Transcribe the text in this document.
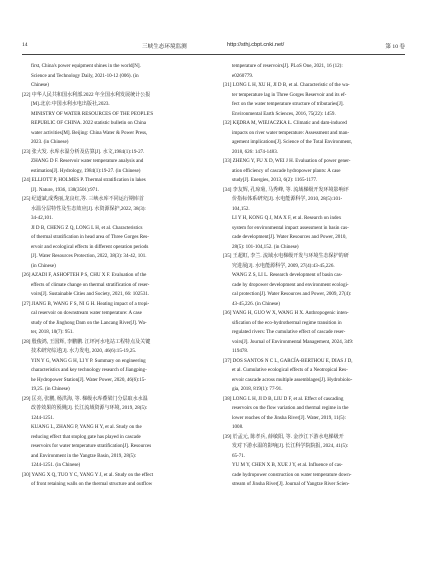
14	三峡生态环境监测	http://sthj.cbpt.cnki.net/	第 10 卷
first, China's power equipment shines in the world[N].
Science and Technology Daily, 2021-10-12 (006). (in
Chinese)
[22] 中华人民共和国水利部.2022 年全国水利发展统计公报
[M].北京:中国水利水电出版社,2023.
MINISTRY OF WATER RESOURCES OF THE PEOPLE'S
REPUBLIC OF CHINA. 2022 statistic bulletin on China
water activities[M]. Beijing: China Water & Power Press,
2023. (in Chinese)
[23] 张大发. 水库水温分析及估算[J]. 水文,1984(1):19-27.
ZHANG D F. Reservoir water temperature analysis and
estimation[J]. Hydrology, 1984(1):19-27. (in Chinese)
[24] ELLIOTT P, HOLMES P. Thermal stratification in lakes
[J]. Nature, 1936, 138(3501):971.
[25] 纪道斌,成秀丽,龙良红,等. 三峡水库不同运行期库首
水温分层特性及生态效应[J]. 水资源保护,2022, 38(3):
34-42,101.
JI D B, CHENG Z Q, LONG L H, et al. Characteristics
of thermal stratification in head area of Three Gorges Res-
ervoir and ecological effects in different operation periods
[J]. Water Resources Protection, 2022, 38(3): 34-42, 101.
(in Chinese)
[26] AZADI F, ASHOFTEH P S, CHU X F. Evaluation of the
effects of climate change on thermal stratification of reser-
voirs[J]. Sustainable Cities and Society, 2021, 66: 102531.
[27] JIANG B, WANG F S, NI G H. Heating impact of a tropi-
cal reservoir on downstream water temperature: A case
study of the Jinghong Dam on the Lancang River[J]. Wa-
ter, 2018, 10(7): 951.
[28] 殷俊鸿, 王国辉, 李鹏鹏. 江坪河水电站工程特点及关键
技术研究综述[J]. 水力发电, 2020, 46(6):15-19,25.
YIN Y G, WANG G H, LI Y P. Summary on engineering
characteristics and key technology research of Jiangping-
he Hydropower Station[J]. Water Power, 2020, 46(6):15-
19,25. (in Chinese)
[29] 匡亮, 张鹏, 杨洪海, 等. 梯级水库叠梁门分层取水水温
改善效果的预测[J]. 长江流域资源与环境, 2019, 28(5):
1244-1251.
KUANG L, ZHANG P, YANG H Y, et al. Study on the
reducing effect that stoplog gate has played in cascade
reservoirs for water temperature stratification[J]. Resources
and Environment in the Yangtze Basin, 2019, 28(5):
1244-1251. (in Chinese)
[30] YANG X Q, TUO Y C, YANG Y J, et al. Study on the effect
of front retaining walls on the thermal structure and outflow
temperature of reservoirs[J]. PLoS One, 2021, 16 (12):
e0260779.
[31] LONG L H, XU H, JI D B, et al. Characteristic of the wa-
ter temperature lag in Three Gorges Reservoir and its ef-
fect on the water temperature structure of tributaries[J].
Environmental Earth Sciences, 2016, 75(22): 1459.
[32] KĘDRA M, WIEJACZKA Ł. Climatic and dam-induced
impacts on river water temperature: Assessment and man-
agement implications[J]. Science of the Total Environment,
2018, 626: 1474-1483.
[33] ZHENG Y, FU X D, WEI J H. Evaluation of power gener-
ation efficiency of cascade hydropower plants: A case
study[J]. Energies, 2013, 6(2): 1165-1177.
[34] 李友辉, 孔琼菊, 马秀峰, 等. 流域梯级开发环境影响评
价指标体系研究[J]. 水电能源科学, 2010, 28(5):101-
104,152.
LI Y H, KONG Q J, MA X F, et al. Research on index
system for environmental impact assessment in basin cas-
cade development[J]. Water Resources and Power, 2010,
28(5): 101-104,152. (in Chinese)
[35] 王超虹, 李兰. 流域水电梯级开发与环境生态保护的研
究进展[J]. 水电能源科学, 2009, 27(4):43-45,226.
WANG Z S, LI L. Research development of basin cas-
cade hy dropower development and environment ecologi-
cal protection[J]. Water Resources and Power, 2009, 27(4):
43-45,226. (in Chinese)
[36] YANG H, GUO W X, WANG H X. Anthropogenic inten-
sification of the eco-hydrothermal regime transition in
regulated rivers: The cumulative effect of cascade reser-
voirs[J]. Journal of Environmental Management, 2024, 349:
119478.
[37] DOS SANTOS N C L, GARCÍA-BERTHOU E, DIAS J D,
et al. Cumulative ecological effects of a Neotropical Res-
ervoir cascade across multiple assemblages[J]. Hydrobiolo-
gia, 2018, 819(1): 77-91.
[38] LONG L H, JI D B, LIU D F, et al. Effect of cascading
reservoirs on the flow variation and thermal regime in the
lower reaches of the Jinsha River[J]. Water, 2019, 11(5):
1008.
[39] 於孟元, 陈孝兵, 薛敏阳, 等. 金沙江下游水电梯级开
发对下游水温的影响[J]. 长江科学院院报, 2024, 41(5):
65-71.
YU M Y, CHEN X B, XUE J Y, et al. Influence of cas-
cade hydropower construction on water temperature down-
stream of Jinsha River[J]. Journal of Yangtze River Scien-
